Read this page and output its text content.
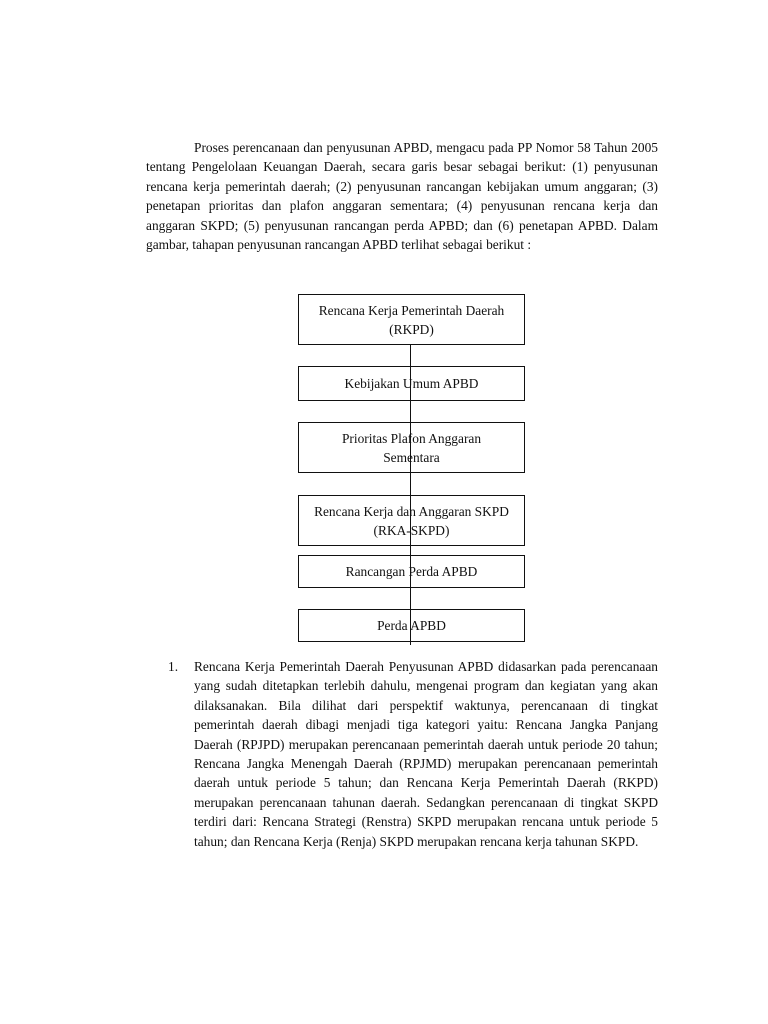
Proses perencanaan dan penyusunan APBD, mengacu pada PP Nomor 58 Tahun 2005 tentang Pengelolaan Keuangan Daerah, secara garis besar sebagai berikut: (1) penyusunan rencana kerja pemerintah daerah; (2) penyusunan rancangan kebijakan umum anggaran; (3) penetapan prioritas dan plafon anggaran sementara; (4) penyusunan rencana kerja dan anggaran SKPD; (5) penyusunan rancangan perda APBD; dan (6) penetapan APBD. Dalam gambar, tahapan penyusunan rancangan APBD terlihat sebagai berikut :

Rencana Kerja Pemerintah Daerah (RKPD)
Kebijakan Umum APBD
Prioritas Plafon Anggaran Sementara
Rencana Kerja dan Anggaran SKPD (RKA-SKPD)
Rancangan Perda APBD
Perda APBD
1.	Rencana Kerja Pemerintah Daerah Penyusunan APBD didasarkan pada perencanaan yang sudah ditetapkan terlebih dahulu, mengenai program dan kegiatan yang akan dilaksanakan. Bila dilihat dari perspektif waktunya, perencanaan di tingkat pemerintah daerah dibagi menjadi tiga kategori yaitu: Rencana Jangka Panjang Daerah (RPJPD) merupakan perencanaan pemerintah daerah untuk periode 20 tahun; Rencana Jangka Menengah Daerah (RPJMD) merupakan perencanaan pemerintah daerah untuk periode 5 tahun; dan Rencana Kerja Pemerintah Daerah (RKPD) merupakan perencanaan tahunan daerah. Sedangkan perencanaan di tingkat SKPD terdiri dari: Rencana Strategi (Renstra) SKPD merupakan rencana untuk periode 5 tahun; dan Rencana Kerja (Renja) SKPD merupakan rencana kerja tahunan SKPD.
